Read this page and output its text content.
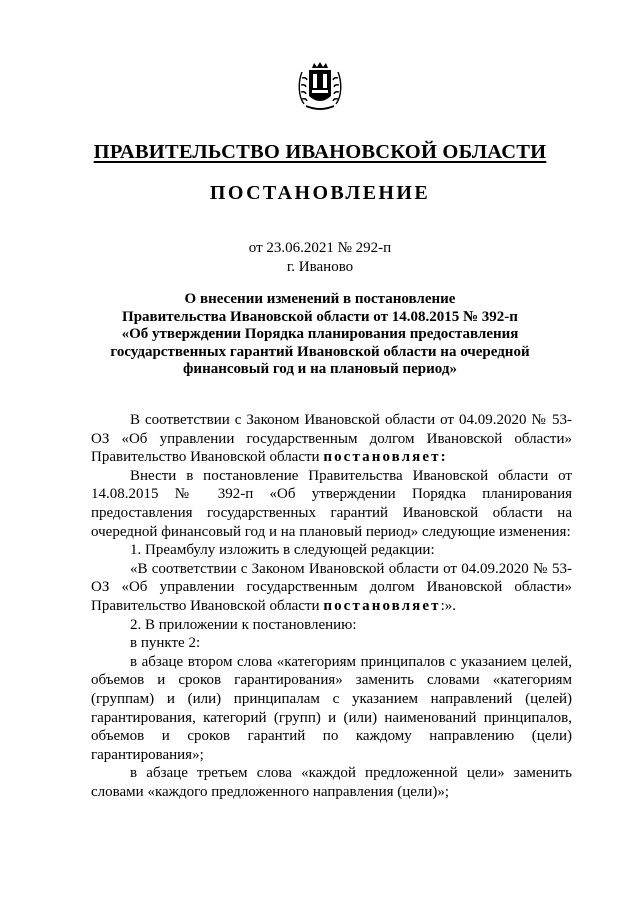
ПРАВИТЕЛЬСТВО ИВАНОВСКОЙ ОБЛАСТИ
ПОСТАНОВЛЕНИЕ
от 23.06.2021 № 292-п
г. Иваново
О внесении изменений в постановление
Правительства Ивановской области от 14.08.2015 № 392-п
«Об утверждении Порядка планирования предоставления
государственных гарантий Ивановской области на очередной
финансовый год и на плановый период»

В соответствии с Законом Ивановской области от 04.09.2020 № 53-ОЗ «Об управлении государственным долгом Ивановской области» Правительство Ивановской области постановляет:

Внести в постановление Правительства Ивановской области от 14.08.2015 № 392-п «Об утверждении Порядка планирования предоставления государственных гарантий Ивановской области на очередной финансовый год и на плановый период» следующие изменения:

1. Преамбулу изложить в следующей редакции:

«В соответствии с Законом Ивановской области от 04.09.2020 № 53-ОЗ «Об управлении государственным долгом Ивановской области» Правительство Ивановской области постановляет:».

2. В приложении к постановлению:

в пункте 2:

в абзаце втором слова «категориям принципалов с указанием целей, объемов и сроков гарантирования» заменить словами «категориям (группам) и (или) принципалам с указанием направлений (целей) гарантирования, категорий (групп) и (или) наименований принципалов, объемов и сроков гарантий по каждому направлению (цели) гарантирования»;

в абзаце третьем слова «каждой предложенной цели» заменить словами «каждого предложенного направления (цели)»;
